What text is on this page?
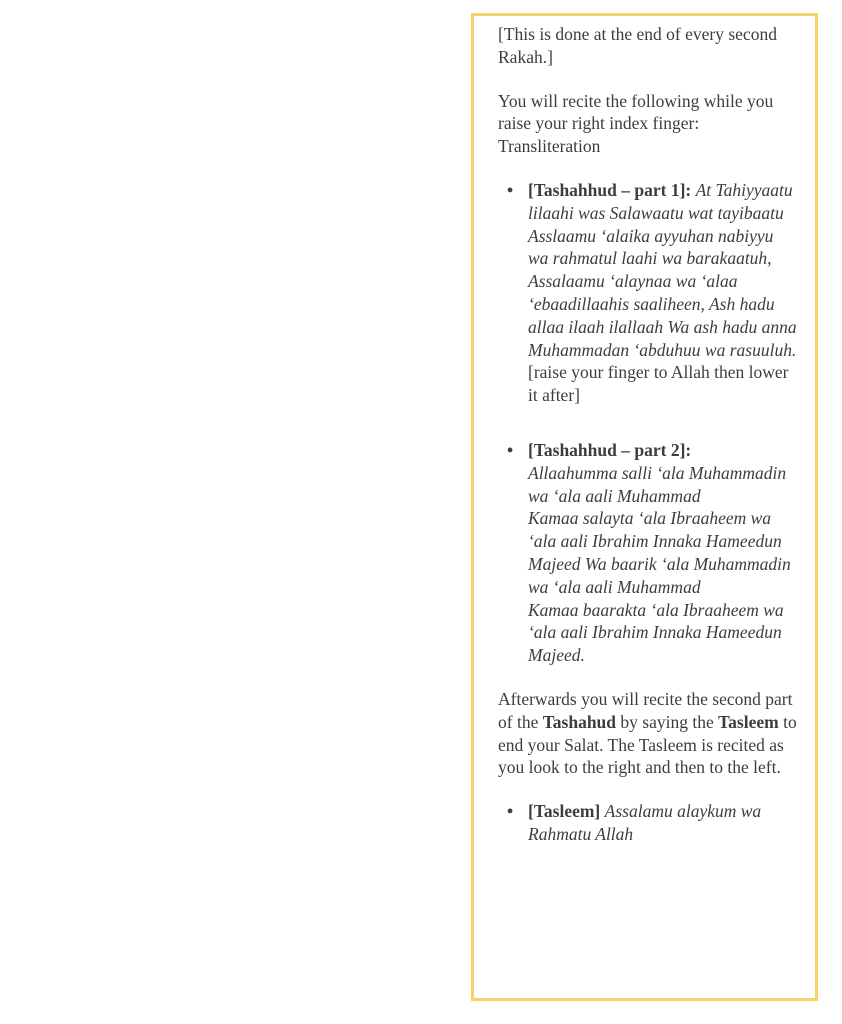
[This is done at the end of every second Rakah.]

You will recite the following while you raise your right index finger:
Transliteration

• [Tashahhud – part 1]: At Tahiyyaatu lilaahi was Salawaatu wat tayibaatu Asslaamu ‘alaika ayyuhan nabiyyu wa rahmatul laahi wa barakaatuh, Assalaamu ‘alaynaa wa ‘alaa ‘ebaadillaahis saaliheen, Ash hadu allaa ilaah ilallaah Wa ash hadu anna Muhammadan ‘abduhuu wa rasuuluh. [raise your finger to Allah then lower it after]
• [Tashahhud – part 2]:
Allaahumma salli ‘ala Muhammadin wa ‘ala aali Muhammad
Kamaa salayta ‘ala Ibraaheem wa ‘ala aali Ibrahim Innaka Hameedun Majeed Wa baarik ‘ala Muhammadin wa ‘ala aali Muhammad
Kamaa baarakta ‘ala Ibraaheem wa ‘ala aali Ibrahim Innaka Hameedun Majeed.

Afterwards you will recite the second part of the Tashahud by saying the Tasleem to end your Salat. The Tasleem is recited as you look to the right and then to the left.

• [Tasleem] Assalamu alaykum wa Rahmatu Allah
